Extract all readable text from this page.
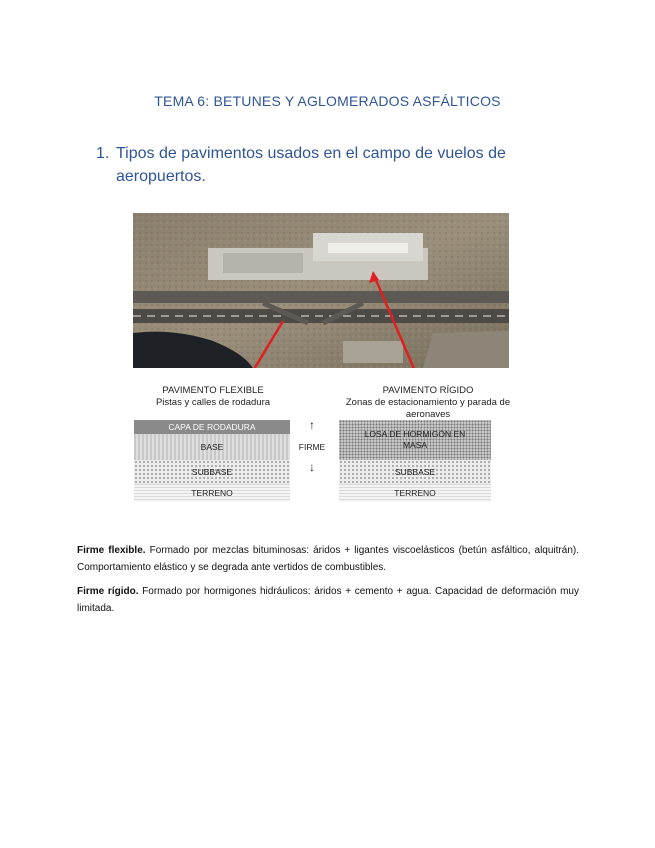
TEMA 6: BETUNES Y AGLOMERADOS ASFÁLTICOS
1. Tipos de pavimentos usados en el campo de vuelos de aeropuertos.
PAVIMENTO FLEXIBLE
Pistas y calles de rodadura
PAVIMENTO RÍGIDO
Zonas de estacionamiento y parada de aeronaves
CAPA DE RODADURA
BASE
SUBBASE
TERRENO
↑
FIRME
↓
LOSA DE HORMIGÓN EN MASA
SUBBASE
TERRENO
Firme flexible. Formado por mezclas bituminosas: áridos + ligantes viscoelásticos (betún asfáltico, alquitrán). Comportamiento elástico y se degrada ante vertidos de combustibles.
Firme rígido. Formado por hormigones hidráulicos: áridos + cemento + agua. Capacidad de deformación muy limitada.
